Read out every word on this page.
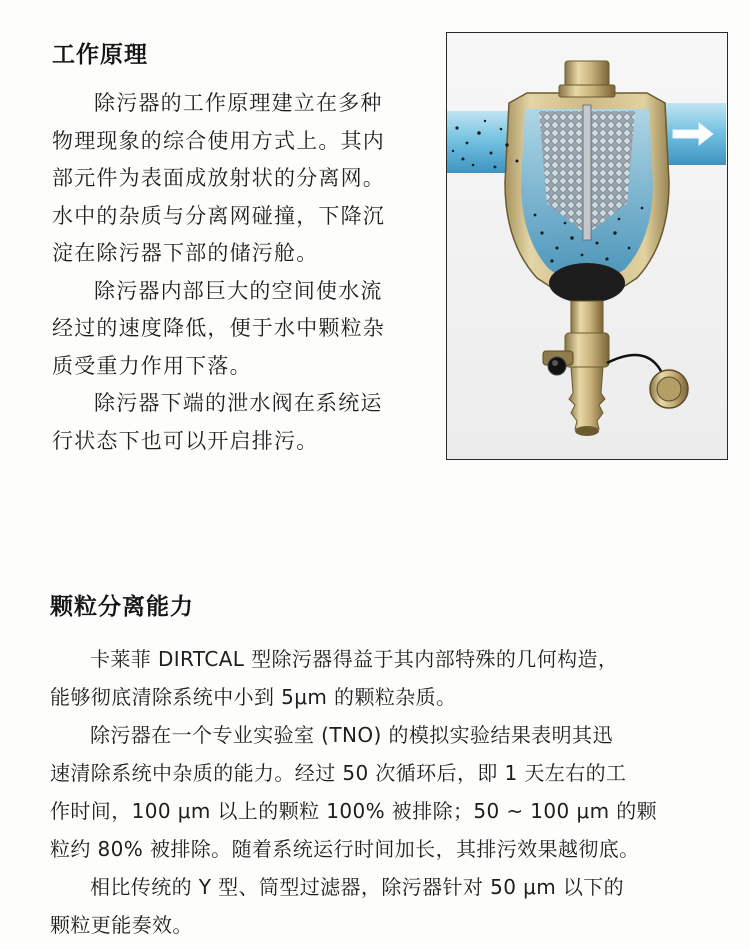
工作原理
除污器的工作原理建立在多种
物理现象的综合使用方式上。其内
部元件为表面成放射状的分离网。
水中的杂质与分离网碰撞，下降沉
淀在除污器下部的储污舱。
除污器内部巨大的空间使水流
经过的速度降低，便于水中颗粒杂
质受重力作用下落。
除污器下端的泄水阀在系统运
行状态下也可以开启排污。
颗粒分离能力
卡莱菲 DIRTCAL 型除污器得益于其内部特殊的几何构造，
能够彻底清除系统中小到 5μm 的颗粒杂质。
除污器在一个专业实验室 (TNO) 的模拟实验结果表明其迅
速清除系统中杂质的能力。经过 50 次循环后，即 1 天左右的工
作时间，100 μm 以上的颗粒 100% 被排除；50 ~ 100 μm 的颗
粒约 80% 被排除。随着系统运行时间加长，其排污效果越彻底。
相比传统的 Y 型、筒型过滤器，除污器针对 50 μm 以下的
颗粒更能奏效。
